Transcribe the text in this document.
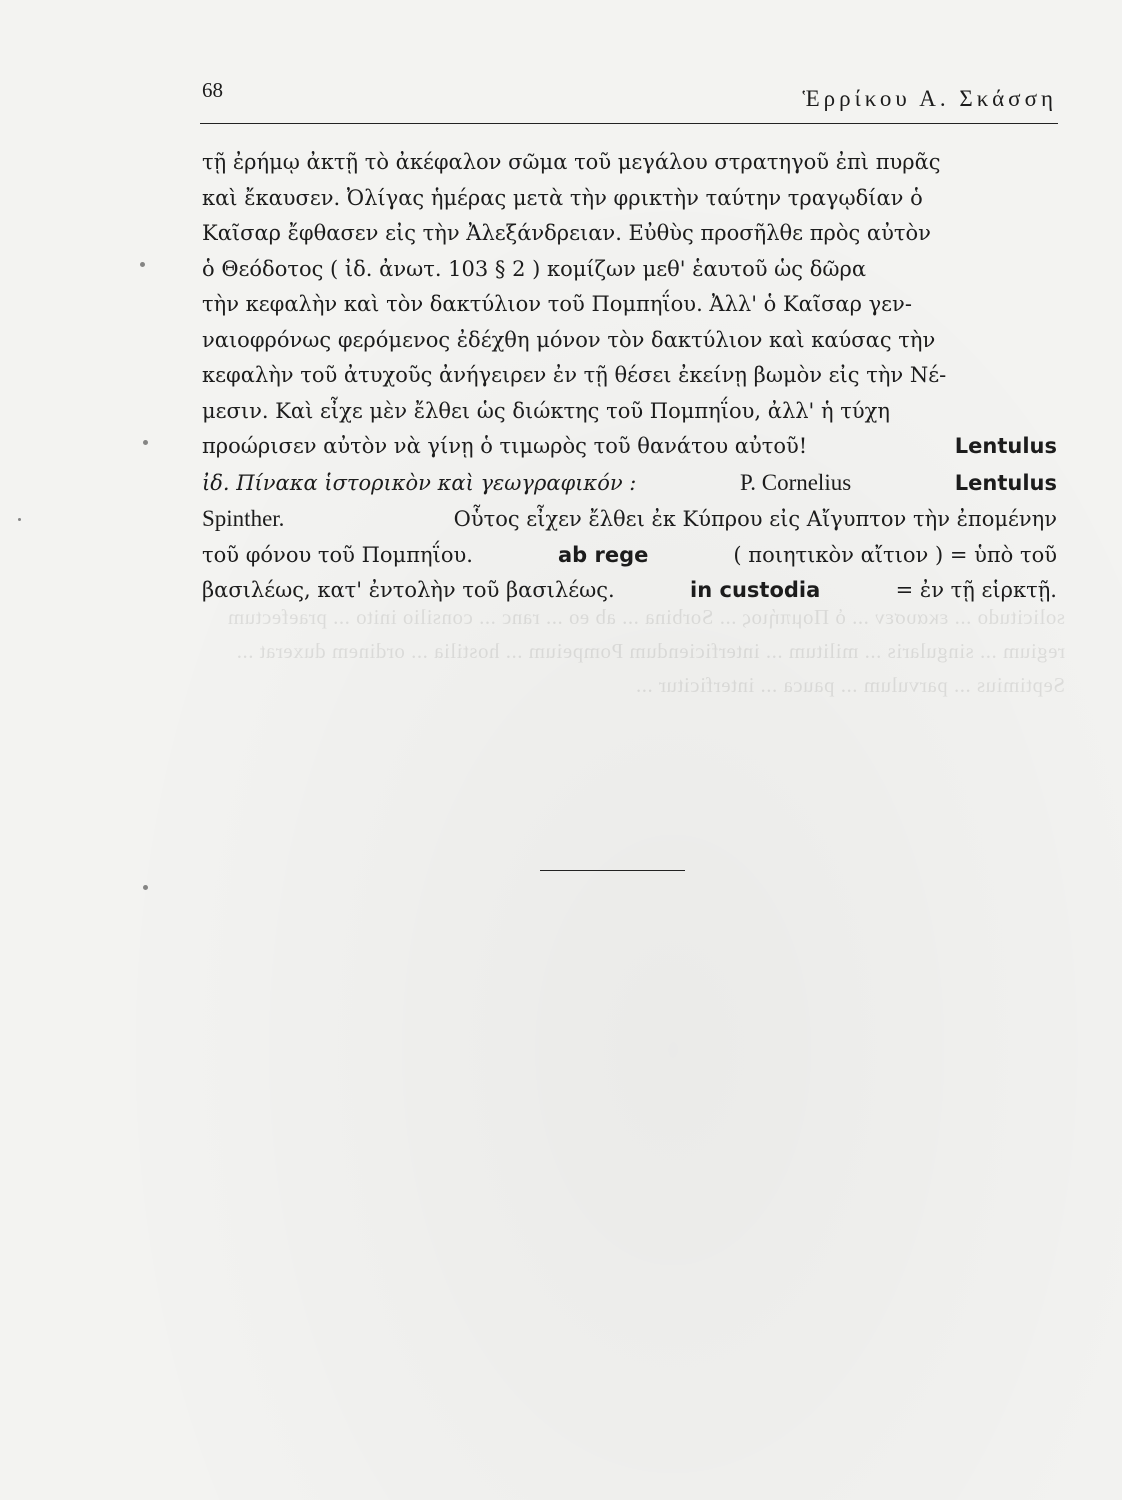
solicitudo ... εκαυσεν ... ὁ Πομπήιος ... Sorbina ... ab eo ... ranc ... consilio inito ... praefectum regium ... singularis ... militum ... interficiendum Pompeium ... hostilia ... ordinem duxerat ... Septimius ... parvulum ... pauca ... interficitur ...
68	Ἑρρίκου Α. Σκάσση
τῇ ἐρήμῳ ἀκτῇ τὸ ἀκέφαλον σῶμα τοῦ μεγάλου στρατηγοῦ ἐπὶ πυρᾶς
καὶ ἔκαυσεν. Ὀλίγας ἡμέρας μετὰ τὴν φρικτὴν ταύτην τραγῳδίαν ὁ
Καῖσαρ ἔφθασεν εἰς τὴν Ἀλεξάνδρειαν. Εὐθὺς προσῆλθε πρὸς αὐτὸν
ὁ Θεόδοτος ( ἰδ. ἀνωτ. 103 § 2 ) κομίζων μεθ' ἑαυτοῦ ὡς δῶρα
τὴν κεφαλὴν καὶ τὸν δακτύλιον τοῦ Πομπηΐου. Ἀλλ' ὁ Καῖσαρ γεν-
ναιοφρόνως φερόμενος ἐδέχθη μόνον τὸν δακτύλιον καὶ καύσας τὴν
κεφαλὴν τοῦ ἀτυχοῦς ἀνήγειρεν ἐν τῇ θέσει ἐκείνῃ βωμὸν εἰς τὴν Νέ-
μεσιν. Καὶ εἶχε μὲν ἔλθει ὡς διώκτης τοῦ Πομπηΐου, ἀλλ' ἡ τύχη
προώρισεν αὐτὸν νὰ γίνῃ ὁ τιμωρὸς τοῦ θανάτου αὐτοῦ!	Lentulus
ἰδ. Πίνακα ἱστορικὸν καὶ γεωγραφικόν :	P. Cornelius	Lentulus
Spinther.	Οὗτος εἶχεν ἔλθει ἐκ Κύπρου εἰς Αἴγυπτον τὴν ἐπομένην
τοῦ φόνου τοῦ Πομπηΐου.	ab rege	( ποιητικὸν αἴτιον ) = ὑπὸ τοῦ
βασιλέως, κατ' ἐντολὴν τοῦ βασιλέως.	in custodia	= ἐν τῇ εἱρκτῇ.
